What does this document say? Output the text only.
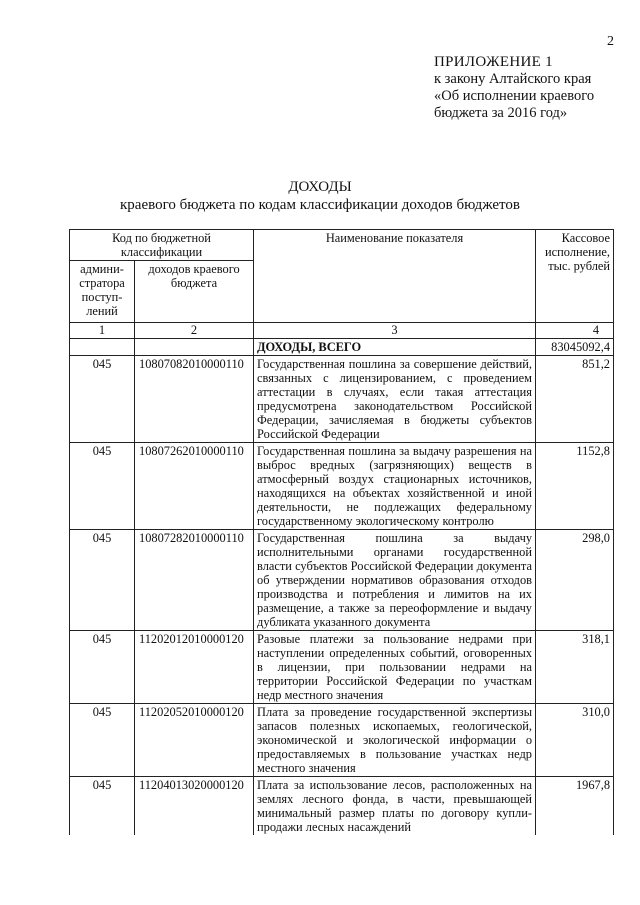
2
ПРИЛОЖЕНИЕ 1
к закону Алтайского края
«Об исполнении краевого
бюджета за 2016 год»
ДОХОДЫ
краевого бюджета по кодам классификации доходов бюджетов
Код по бюджетной классификации		Наименование показателя	Кассовое исполнение, тыс. рублей
админи-стратора поступ-лений	доходов краевого бюджета		
1	2	3	4
		ДОХОДЫ, ВСЕГО	83045092,4
045	10807082010000110	Государственная пошлина за совершение действий, связанных с лицензированием, с проведением аттестации в случаях, если такая аттестация предусмотрена законодательством Российской Федерации, зачисляемая в бюджеты субъектов Российской Федерации	851,2
045	10807262010000110	Государственная пошлина за выдачу разрешения на выброс вредных (загрязняющих) веществ в атмосферный воздух стационарных источников, находящихся на объектах хозяйственной и иной деятельности, не подлежащих федеральному государственному экологическому контролю	1152,8
045	10807282010000110	Государственная пошлина за выдачу исполнительными органами государственной власти субъектов Российской Федерации документа об утверждении нормативов образования отходов производства и потребления и лимитов на их размещение, а также за переоформление и выдачу дубликата указанного документа	298,0
045	11202012010000120	Разовые платежи за пользование недрами при наступлении определенных событий, оговоренных в лицензии, при пользовании недрами на территории Российской Федерации по участкам недр местного значения	318,1
045	11202052010000120	Плата за проведение государственной экспертизы запасов полезных ископаемых, геологической, экономической и экологической информации о предоставляемых в пользование участках недр местного значения	310,0
045	11204013020000120	Плата за использование лесов, расположенных на землях лесного фонда, в части, превышающей минимальный размер платы по договору купли-продажи лесных насаждений	1967,8
